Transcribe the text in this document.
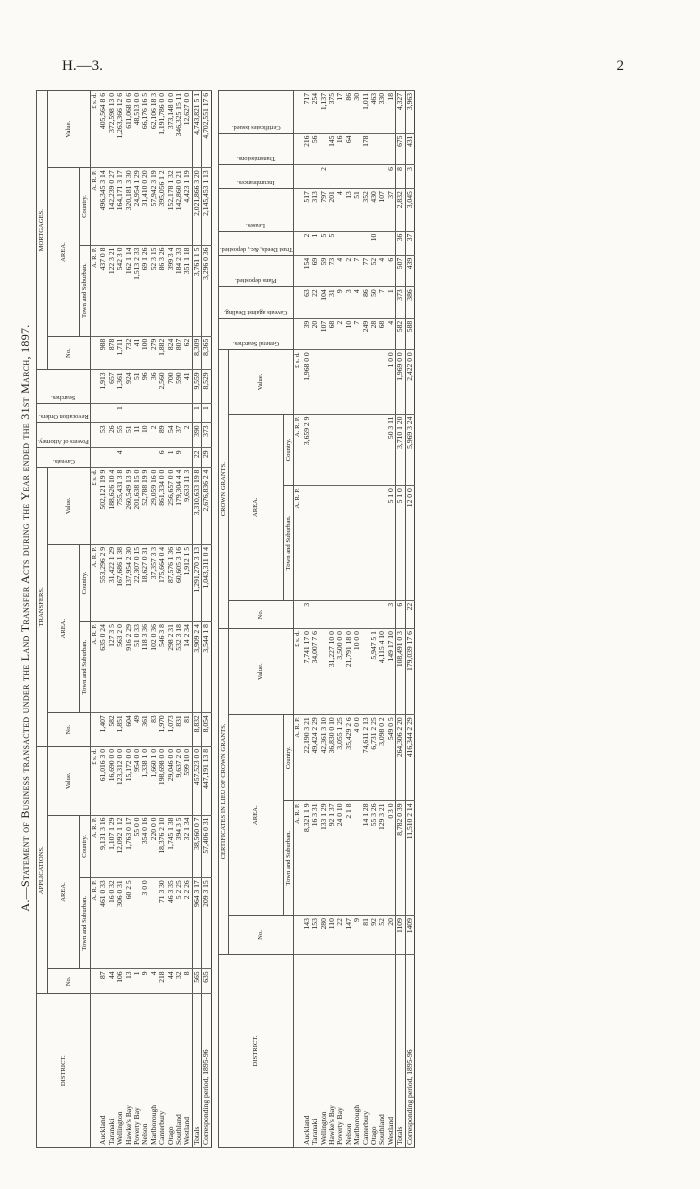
H.—3.	2
A.—Statement of Business transacted under the Land Transfer Acts during the Year ended the 31st March, 1897.
DISTRICT.	APPLICATIONS.				TRANSFERS.				Caveats.	Powers of Attorney.	Revocation Orders.	Searches.	MORTGAGES.			
	No.	AREA.		Value.	No.	AREA.		Value.					No.	AREA.		Value.
		Town and Suburban.	Country.			Town and Suburban.	Country.							Town and Suburban.	Country.	
		A. R. P.	A. R. P.	£ s. d.		A. R. P.	A. R. P.	£ s. d.						A. R. P.	A. R. P.	£ s. d.
Auckland	87	461 0 33	9,131 3 16	61,016 3 0	1,407	635 0 24	553,296 2 9	502,121 19 9		53		1,913	988	437 0 8	496,345 3 14	405,564 8 6
Taranaki	44	16 0 32	1,107 1 29	16,690 0 0	582	127 3 5	31,422 1 29	188,626 10 4		26		657	878	122 3 21	142,239 0 27	372,598 13 0
Wellington	106	306 0 31	12,092 1 12	123,312 0 0	1,851	563 2 0	167,686 1 38	755,431 3 8	4	55	1	1,361	1,711	542 3 0	164,171 3 17	1,263,366 12 6
Hawke's Bay	13	60 2 5	1,763 0 17	15,172 0 0	604	916 2 29	137,954 2 30	260,549 13 9		51		924	732	162 1 14	320,181 3 30	611,068 0 6
Poverty Bay	1		55 0 0	954 0 0	49	51 0 33	22,307 0 15	201,638 15 0		11		51	41	1,513 2 33	24,954 1 29	48,513 0 0
Nelson	9	3 0 0	354 0 16	1,338 1 0	361	118 3 36	18,627 0 31	52,788 19 9		10		96	100	69 1 26	31,410 0 20	66,176 16 5
Marlborough	4		220 0 0	1,660 1 0	83	102 0 36	37,357 3 3	29,059 16 0		2		36	279	52 3 15	57,942 3 19	62,106 18 3
Canterbury	218	71 3 30	18,376 2 10	198,698 0 0	1,970	546 3 8	175,664 0 4	861,334 0 0	6	89		2,560	1,882	86 3 26	395,056 1 2	1,191,786 0 0
Otago	44	46 3 35	1,745 1 38	29,046 0 0	1,073	298 2 31	87,576 1 36	256,657 0 0	1	54		700	824	399 3 4	152,178 1 32	373,148 0 0
Southland	32	5 2 25	394 3 5	9,637 2 0	831	532 3 18	60,605 3 16	179,304 4 4	9	37		590	807	184 2 33	142,860 0 21	346,325 15 11
Westland	8	2 2 26	32 1 34	599 10 0	81	14 2 34	1,912 1 5	9,633 11 3		2		41	62	351 1 18	4,423 1 19	12,627 0 0
Totals	565	964 3 17	38,560 0 7	457,523 0 0	8,832	3,909 2 4	1,291,270 3 13	3,310,633 19 8	22	390	1	9,559	8,309	3,761 1 5	2,021,866 3 20	4,743,821 5 1
Corresponding period, 1895-96	635	209 3 15	57,406 0 31	447,191 13 8	8,054	3,544 1 8	1,043,311 0 4	2,676,836 2 4	29	373	1	8,529	8,365	3,296 0 36	2,145,453 1 13	4,702,551 17 6
DISTRICT.	CERTIFICATES IN LIEU OF CROWN GRANTS.				CROWN GRANTS.				General Searches.	Caveats against Dealing.	Plans deposited.	Trust Deeds, &c., deposited.	Leases.	Incumbrances.	Transmissions.	Certificates issued.

	No.	AREA.		Value.	No.	AREA.		Value.								
		Town and Suburban.	Country.			Town and Suburban.	Country.									
		A. R. P.	A. R. P.	£ s. d.		A. R. P.	A. R. P.	£ s. d.								
Auckland	143	8,321 1 9	22,190 3 21	7,741 17 0	3		3,659 2 9	1,968 0 0	39	63	154	2	517		216	717
Taranaki	153	16 3 31	49,424 2 29	34,007 7 6					20	22	69	1	313		56	254
Wellington	280	133 1 29	42,361 3 10						107	104	59	5	797	2		1,137
Hawke's Bay	110	92 1 37	36,830 0 10	31,227 10 0					68	31	73	5	201		145	375
Poverty Bay	22	24 0 10	3,055 1 25	3,500 0 0					2	9	4		4		16	17
Nelson	147	2 1 8	35,429 2 6	21,791 18 0					10	3	2		13		64	86
Marlborough	9		4 0 0	10 0 0					7	4	7		51			30
Canterbury	81	14 1 28	74,611 2 13						249	86	77		352		178	1,011
Otago	92	55 3 26	6,731 2 25	5,947 5 1					28	50	52	10	430			463
Southland	52	129 3 21	3,098 0 2	4,115 4 10					68	7	4		107			330
Westland	20	0 3 0	549 0 5	149 17 10	3	5 1 0	50 3 11	1 0 0	4	1	6		37	6		18
Totals	1109	8,782 0 39	264,306 2 20	108,491 0 3	6	5 1 0	3,710 1 20	1,969 0 0	582	373	507	36	2,832	8	675	4,327
Corresponding period, 1895-96	1409	11,510 2 14	416,344 2 29	179,039 17 6	22	12 0 0	5,969 3 24	2,422 0 0	588	386	439	37	3,045	3	431	3,963
